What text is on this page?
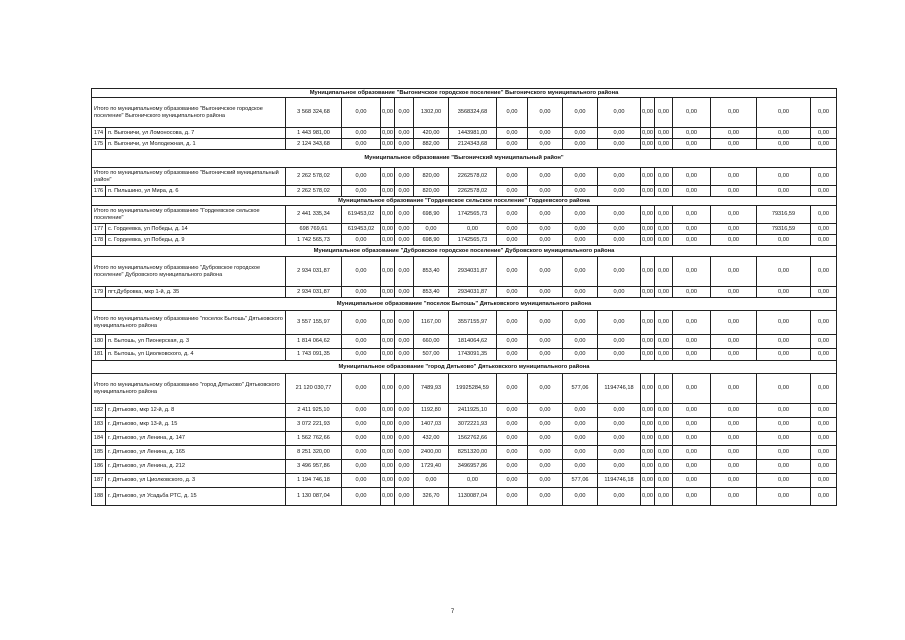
Муниципальное образование "Выгоничское городское поселение" Выгоничского муниципального района																	
Итого по муниципальному образованию "Выгоничское городское поселение" Выгоничского муниципального района		3 568 324,68	0,00	0,00	0,00	1302,00	3568324,68	0,00	0,00	0,00	0,00	0,00	0,00	0,00	0,00	0,00	0,00
174	п. Выгоничи, ул Ломоносова, д. 7	1 443 981,00	0,00	0,00	0,00	420,00	1443981,00	0,00	0,00	0,00	0,00	0,00	0,00	0,00	0,00	0,00	0,00
175	п. Выгоничи, ул Молодежная, д. 1	2 124 343,68	0,00	0,00	0,00	882,00	2124343,68	0,00	0,00	0,00	0,00	0,00	0,00	0,00	0,00	0,00	0,00
Муниципальное образование "Выгоничский муниципальный район"																	
Итого по муниципальному образованию "Выгоничский муниципальный район"		2 262 578,02	0,00	0,00	0,00	820,00	2262578,02	0,00	0,00	0,00	0,00	0,00	0,00	0,00	0,00	0,00	0,00
176	п. Пильшино, ул Мира, д. 6	2 262 578,02	0,00	0,00	0,00	820,00	2262578,02	0,00	0,00	0,00	0,00	0,00	0,00	0,00	0,00	0,00	0,00
Муниципальное образование "Гордеевское сельское поселение" Гордеевского района																	
Итого по муниципальному образованию "Гордеевское сельское поселение"		2 441 335,34	619453,02	0,00	0,00	698,90	1742565,73	0,00	0,00	0,00	0,00	0,00	0,00	0,00	0,00	79316,59	0,00
177	с. Гордеевка, ул Победы, д. 14	698 769,61	619453,02	0,00	0,00	0,00	0,00	0,00	0,00	0,00	0,00	0,00	0,00	0,00	0,00	79316,59	0,00
178	с. Гордеевка, ул Победы, д. 9	1 742 565,73	0,00	0,00	0,00	698,90	1742565,73	0,00	0,00	0,00	0,00	0,00	0,00	0,00	0,00	0,00	0,00
Муниципальное образование "Дубровское городское поселение" Дубровского муниципального района																	
Итого по муниципальному образованию "Дубровское городское поселение" Дубровского муниципального района		2 934 031,87	0,00	0,00	0,00	853,40	2934031,87	0,00	0,00	0,00	0,00	0,00	0,00	0,00	0,00	0,00	0,00
179	пгт.Дубровка, мкр 1-й, д. 35	2 934 031,87	0,00	0,00	0,00	853,40	2934031,87	0,00	0,00	0,00	0,00	0,00	0,00	0,00	0,00	0,00	0,00
Муниципальное образование "поселок Бытошь" Дятьковского муниципального района																	
Итого по муниципальному образованию "поселок Бытошь" Дятьковского муниципального района		3 557 155,97	0,00	0,00	0,00	1167,00	3557155,97	0,00	0,00	0,00	0,00	0,00	0,00	0,00	0,00	0,00	0,00
180	п. Бытошь, ул Пионерская, д. 3	1 814 064,62	0,00	0,00	0,00	660,00	1814064,62	0,00	0,00	0,00	0,00	0,00	0,00	0,00	0,00	0,00	0,00
181	п. Бытошь, ул Циолковского, д. 4	1 743 091,35	0,00	0,00	0,00	507,00	1743091,35	0,00	0,00	0,00	0,00	0,00	0,00	0,00	0,00	0,00	0,00
Муниципальное образование "город Дятьково" Дятьковского муниципального района																	
Итого по муниципальному образованию "город Дятьково" Дятьковского муниципального района		21 120 030,77	0,00	0,00	0,00	7489,93	19925284,59	0,00	0,00	577,06	1194746,18	0,00	0,00	0,00	0,00	0,00	0,00
182	г. Дятьково, мкр 12-й, д. 8	2 411 925,10	0,00	0,00	0,00	1192,80	2411925,10	0,00	0,00	0,00	0,00	0,00	0,00	0,00	0,00	0,00	0,00
183	г. Дятьково, мкр 13-й, д. 15	3 072 221,93	0,00	0,00	0,00	1407,03	3072221,93	0,00	0,00	0,00	0,00	0,00	0,00	0,00	0,00	0,00	0,00
184	г. Дятьково, ул Ленина, д. 147	1 562 762,66	0,00	0,00	0,00	432,00	1562762,66	0,00	0,00	0,00	0,00	0,00	0,00	0,00	0,00	0,00	0,00
185	г. Дятьково, ул Ленина, д. 165	8 251 320,00	0,00	0,00	0,00	2400,00	8251320,00	0,00	0,00	0,00	0,00	0,00	0,00	0,00	0,00	0,00	0,00
186	г. Дятьково, ул Ленина, д. 212	3 496 957,86	0,00	0,00	0,00	1729,40	3496957,86	0,00	0,00	0,00	0,00	0,00	0,00	0,00	0,00	0,00	0,00
187	г. Дятьково, ул Циолковского, д. 3	1 194 746,18	0,00	0,00	0,00	0,00	0,00	0,00	0,00	577,06	1194746,18	0,00	0,00	0,00	0,00	0,00	0,00
188	г. Дятьково, ул Усадьба РТС, д. 15	1 130 087,04	0,00	0,00	0,00	326,70	1130087,04	0,00	0,00	0,00	0,00	0,00	0,00	0,00	0,00	0,00	0,00
7
